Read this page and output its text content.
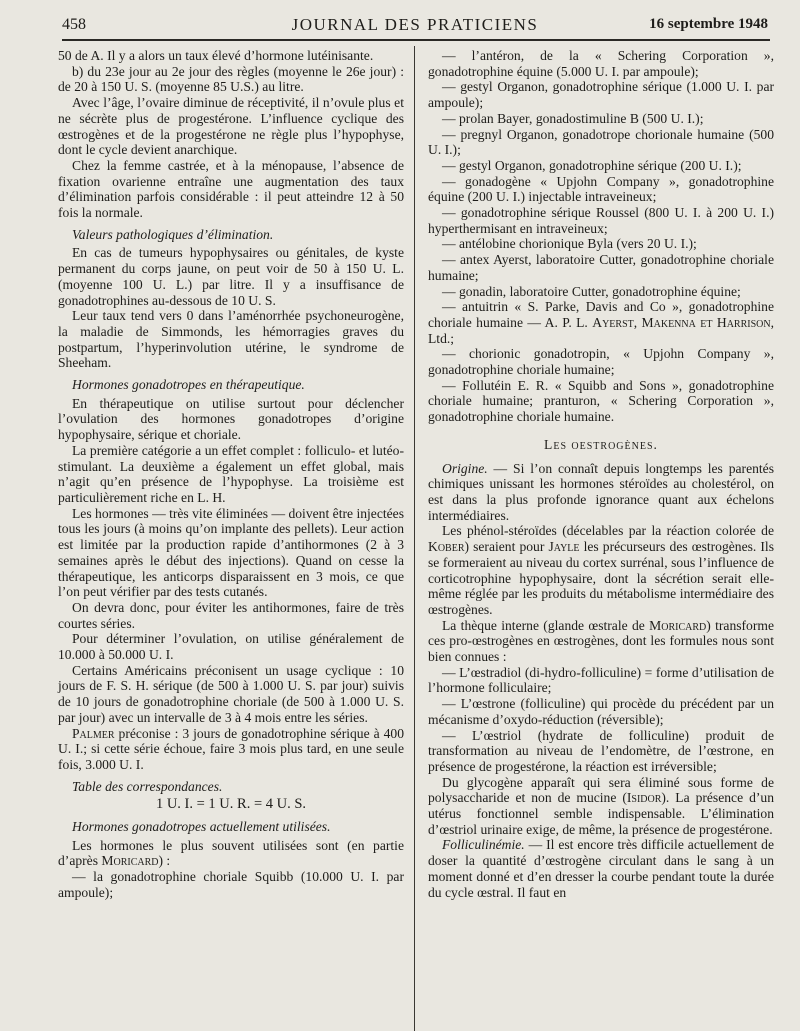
458	JOURNAL DES PRATICIENS	16 septembre 1948

50 de A. Il y a alors un taux élevé d’hormone lutéinisante.

b) du 23e jour au 2e jour des règles (moyenne le 26e jour) : de 20 à 150 U. S. (moyenne 85 U.S.) au litre.

Avec l’âge, l’ovaire diminue de réceptivité, il n’ovule plus et ne sécrète plus de progestérone. L’influence cyclique des œstrogènes et de la progestérone ne règle plus l’hypophyse, dont le cycle devient anarchique.

Chez la femme castrée, et à la ménopause, l’absence de fixation ovarienne entraîne une augmentation des taux d’élimination parfois considérable : il peut atteindre 12 à 50 fois la normale.

Valeurs pathologiques d’élimination.

En cas de tumeurs hypophysaires ou génitales, de kyste permanent du corps jaune, on peut voir de 50 à 150 U. L. (moyenne 100 U. L.) par litre. Il y a insuffisance de gonadotrophines au-dessous de 10 U. S.

Leur taux tend vers 0 dans l’aménorrhée psychoneurogène, la maladie de Simmonds, les hémorragies graves du postpartum, l’hyperinvolution utérine, le syndrome de Sheeham.

Hormones gonadotropes en thérapeutique.

En thérapeutique on utilise surtout pour déclencher l’ovulation des hormones gonadotropes d’origine hypophysaire, sérique et choriale.

La première catégorie a un effet complet : folliculo- et lutéo-stimulant. La deuxième a également un effet global, mais n’agit qu’en présence de l’hypophyse. La troisième est particulièrement riche en L. H.

Les hormones — très vite éliminées — doivent être injectées tous les jours (à moins qu’on implante des pellets). Leur action est limitée par la production rapide d’antihormones (2 à 3 semaines après le début des injections). Quand on cesse la thérapeutique, les anticorps disparaissent en 3 mois, ce que l’on peut vérifier par des tests cutanés.

On devra donc, pour éviter les antihormones, faire de très courtes séries.

Pour déterminer l’ovulation, on utilise généralement de 10.000 à 50.000 U. I.

Certains Américains préconisent un usage cyclique : 10 jours de F. S. H. sérique (de 500 à 1.000 U. S. par jour) suivis de 10 jours de gonadotrophine choriale (de 500 à 1.000 U. S. par jour) avec un intervalle de 3 à 4 mois entre les séries.

Palmer préconise : 3 jours de gonadotrophine sérique à 400 U. I.; si cette série échoue, faire 3 mois plus tard, en une seule fois, 3.000 U. I.

Table des correspondances.

1 U. I. = 1 U. R. = 4 U. S.

Hormones gonadotropes actuellement utilisées.

Les hormones le plus souvent utilisées sont (en partie d’après Moricard) :

— la gonadotrophine choriale Squibb (10.000 U. I. par ampoule);

— l’antéron, de la « Schering Corporation », gonadotrophine équine (5.000 U. I. par ampoule);

— gestyl Organon, gonadotrophine sérique (1.000 U. I. par ampoule);

— prolan Bayer, gonadostimuline B (500 U. I.);

— pregnyl Organon, gonadotrope chorionale humaine (500 U. I.);

— gestyl Organon, gonadotrophine sérique (200 U. I.);

— gonadogène « Upjohn Company », gonadotrophine équine (200 U. I.) injectable intraveineux;

— gonadotrophine sérique Roussel (800 U. I. à 200 U. I.) hyperthermisant en intraveineux;

— antélobine chorionique Byla (vers 20 U. I.);

— antex Ayerst, laboratoire Cutter, gonadotrophine choriale humaine;

— gonadin, laboratoire Cutter, gonadotrophine équine;

— antuitrin « S. Parke, Davis and Co », gonadotrophine choriale humaine — A. P. L. Ayerst, Makenna et Harrison, Ltd.;

— chorionic gonadotropin, « Upjohn Company », gonadotrophine choriale humaine;

— Follutéin E. R. « Squibb and Sons », gonadotrophine choriale humaine; pranturon, « Schering Corporation », gonadotrophine choriale humaine.

Les oestrogènes.

Origine. — Si l’on connaît depuis longtemps les parentés chimiques unissant les hormones stéroïdes au cholestérol, on est dans la plus profonde ignorance quant aux échelons intermédiaires.

Les phénol-stéroïdes (décelables par la réaction colorée de Kober) seraient pour Jayle les précurseurs des œstrogènes. Ils se formeraient au niveau du cortex surrénal, sous l’influence de corticotrophine hypophysaire, dont la sécrétion serait elle-même réglée par les produits du métabolisme intermédiaire des œstrogènes.

La thèque interne (glande œstrale de Moricard) transforme ces pro-œstrogènes en œstrogènes, dont les formules nous sont bien connues :

— L’œstradiol (di-hydro-folliculine) = forme d’utilisation de l’hormone folliculaire;

— L’œstrone (folliculine) qui procède du précédent par un mécanisme d’oxydo-réduction (réversible);

— L’œstriol (hydrate de folliculine) produit de transformation au niveau de l’endomètre, de l’œstrone, en présence de progestérone, la réaction est irréversible;

Du glycogène apparaît qui sera éliminé sous forme de polysaccharide et non de mucine (Isidor). La présence d’un utérus fonctionnel semble indispensable. L’élimination d’œstriol urinaire exige, de même, la présence de progestérone.

Folliculinémie. — Il est encore très difficile actuellement de doser la quantité d’œstrogène circulant dans le sang à un moment donné et d’en dresser la courbe pendant toute la durée du cycle œstral. Il faut en
